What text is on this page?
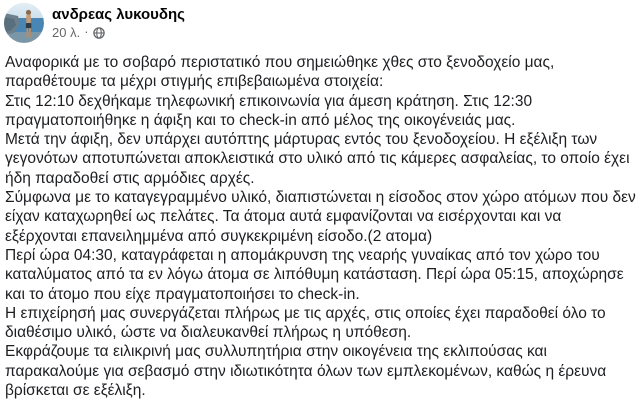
ανδρεας λυκουδης
20 λ. ·
Αναφορικά με το σοβαρό περιστατικό που σημειώθηκε χθες στο ξενοδοχείο μας,
παραθέτουμε τα μέχρι στιγμής επιβεβαιωμένα στοιχεία:
Στις 12:10 δεχθήκαμε τηλεφωνική επικοινωνία για άμεση κράτηση. Στις 12:30
πραγματοποιήθηκε η άφιξη και το check-in από μέλος της οικογένειάς μας.
Μετά την άφιξη, δεν υπάρχει αυτόπτης μάρτυρας εντός του ξενοδοχείου. Η εξέλιξη των
γεγονότων αποτυπώνεται αποκλειστικά στο υλικό από τις κάμερες ασφαλείας, το οποίο έχει
ήδη παραδοθεί στις αρμόδιες αρχές.
Σύμφωνα με το καταγεγραμμένο υλικό, διαπιστώνεται η είσοδος στον χώρο ατόμων που δεν
είχαν καταχωρηθεί ως πελάτες. Τα άτομα αυτά εμφανίζονται να εισέρχονται και να
εξέρχονται επανειλημμένα από συγκεκριμένη είσοδο.(2 ατομα)
Περί ώρα 04:30, καταγράφεται η απομάκρυνση της νεαρής γυναίκας από τον χώρο του
καταλύματος από τα εν λόγω άτομα σε λιπόθυμη κατάσταση. Περί ώρα 05:15, αποχώρησε
και το άτομο που είχε πραγματοποιήσει το check-in.
Η επιχείρησή μας συνεργάζεται πλήρως με τις αρχές, στις οποίες έχει παραδοθεί όλο το
διαθέσιμο υλικό, ώστε να διαλευκανθεί πλήρως η υπόθεση.
Εκφράζουμε τα ειλικρινή μας συλλυπητήρια στην οικογένεια της εκλιπούσας και
παρακαλούμε για σεβασμό στην ιδιωτικότητα όλων των εμπλεκομένων, καθώς η έρευνα
βρίσκεται σε εξέλιξη.
